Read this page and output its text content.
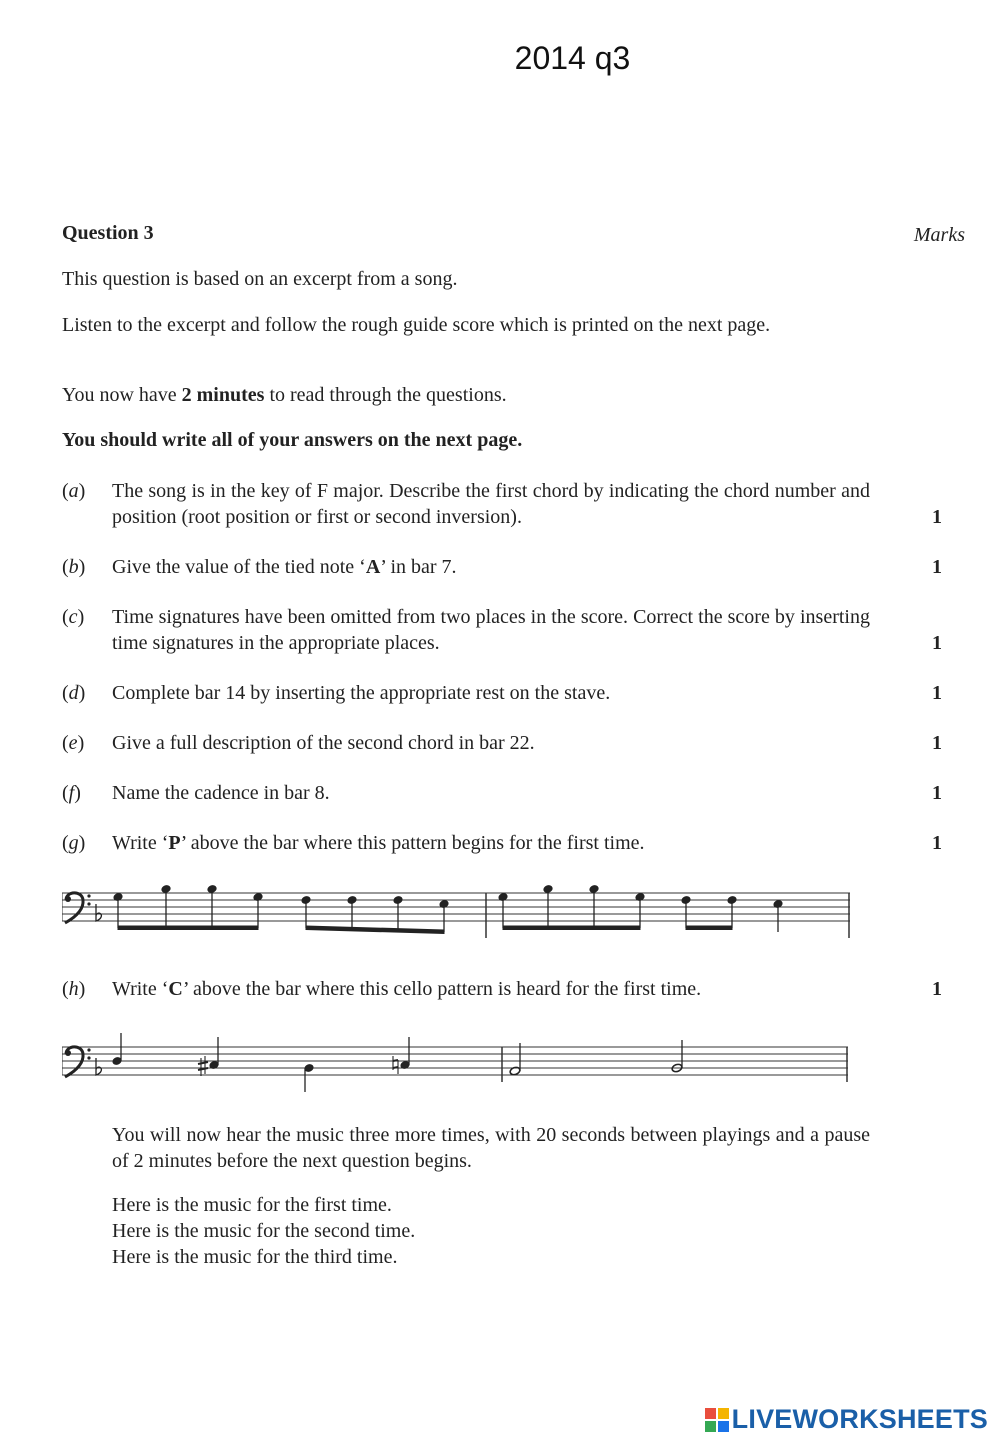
2014 q3
Question 3	Marks

This question is based on an excerpt from a song.

Listen to the excerpt and follow the rough guide score which is printed on the next page.

You now have 2 minutes to read through the questions.

You should write all of your answers on the next page.

(a) The song is in the key of F major. Describe the first chord by indicating the chord number and position (root position or first or second inversion).	1
(b) Give the value of the tied note ‘A’ in bar 7.	1
(c) Time signatures have been omitted from two places in the score. Correct the score by inserting time signatures in the appropriate places.	1
(d) Complete bar 14 by inserting the appropriate rest on the stave.	1
(e) Give a full description of the second chord in bar 22.	1
(f) Name the cadence in bar 8.	1
(g) Write ‘P’ above the bar where this pattern begins for the first time.	1
(h) Write ‘C’ above the bar where this cello pattern is heard for the first time.	1

You will now hear the music three more times, with 20 seconds between playings and a pause of 2 minutes before the next question begins.

Here is the music for the first time.
Here is the music for the second time.
Here is the music for the third time.
LIVEWORKSHEETS
